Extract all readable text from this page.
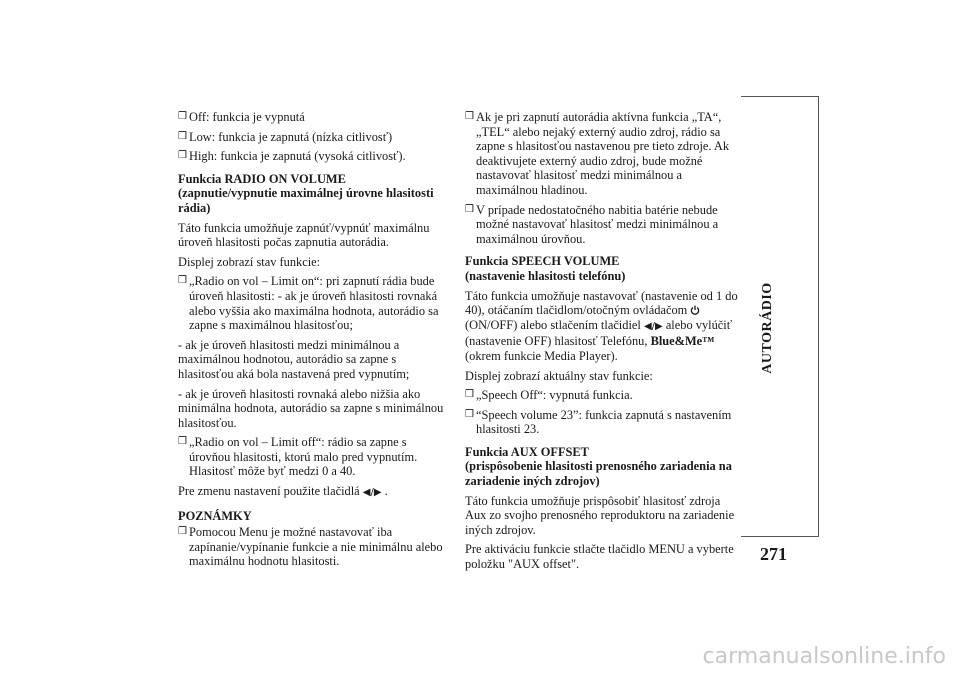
❒ Off: funkcia je vypnutá
❒ Low: funkcia je zapnutá (nízka citlivosť)
❒ High: funkcia je zapnutá (vysoká citlivosť).
Funkcia RADIO ON VOLUME
(zapnutie/vypnutie maximálnej úrovne hlasitosti rádia)
Táto funkcia umožňuje zapnúť/vypnúť maximálnu úroveň hlasitosti počas zapnutia autorádia.
Displej zobrazí stav funkcie:
❒ „Radio on vol – Limit on“: pri zapnutí rádia bude úroveň hlasitosti: - ak je úroveň hlasitosti rovnaká alebo vyššia ako maximálna hodnota, autorádio sa zapne s maximálnou hlasitosťou;
- ak je úroveň hlasitosti medzi minimálnou a maximálnou hodnotou, autorádio sa zapne s hlasitosťou aká bola nastavená pred vypnutím;
- ak je úroveň hlasitosti rovnaká alebo nižšia ako minimálna hodnota, autorádio sa zapne s minimálnou hlasitosťou.
❒ „Radio on vol – Limit off“: rádio sa zapne s úrovňou hlasitosti, ktorú malo pred vypnutím. Hlasitosť môže byť medzi 0 a 40.
Pre zmenu nastavení použite tlačidlá ◀/▶ .
POZNÁMKY
❒ Pomocou Menu je možné nastavovať iba zapínanie/vypínanie funkcie a nie minimálnu alebo maximálnu hodnotu hlasitosti.
❒ Ak je pri zapnutí autorádia aktívna funkcia „TA“, „TEL“ alebo nejaký externý audio zdroj, rádio sa zapne s hlasitosťou nastavenou pre tieto zdroje. Ak deaktivujete externý audio zdroj, bude možné nastavovať hlasitosť medzi minimálnou a maximálnou hladinou.
❒ V prípade nedostatočného nabitia batérie nebude možné nastavovať hlasitosť medzi minimálnou a maximálnou úrovňou.
Funkcia SPEECH VOLUME
(nastavenie hlasitosti telefónu)
Táto funkcia umožňuje nastavovať (nastavenie od 1 do 40), otáčaním tlačidlom/otočným ovládačom (ON/OFF) alebo stlačením tlačidiel ◀/▶ alebo vylúčiť (nastavenie OFF) hlasitosť Telefónu, Blue&Me™ (okrem funkcie Media Player).
Displej zobrazí aktuálny stav funkcie:
❒ „Speech Off“: vypnutá funkcia.
❒ “Speech volume 23”: funkcia zapnutá s nastavením hlasitosti 23.
Funkcia AUX OFFSET
(prispôsobenie hlasitosti prenosného zariadenia na zariadenie iných zdrojov)
Táto funkcia umožňuje prispôsobiť hlasitosť zdroja Aux zo svojho prenosného reproduktoru na zariadenie iných zdrojov.
Pre aktiváciu funkcie stlačte tlačidlo MENU a vyberte položku "AUX offset".
AUTORÁDIO
271
carmanualsonline.info
